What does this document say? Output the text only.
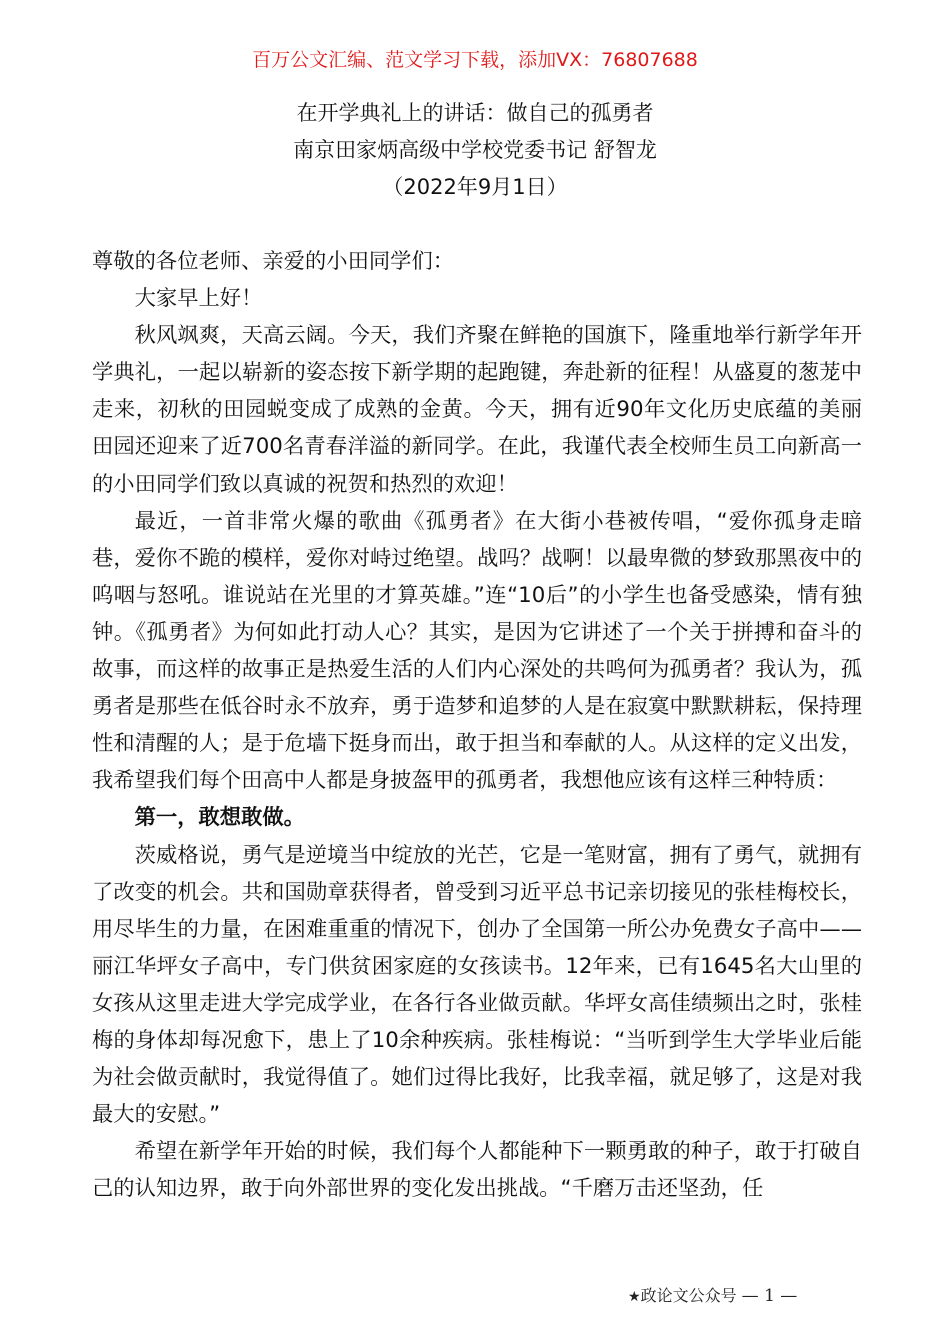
百万公文汇编、范文学习下载，添加VX：76807688
在开学典礼上的讲话：做自己的孤勇者
南京田家炳高级中学校党委书记 舒智龙
（2022年9月1日）

尊敬的各位老师、亲爱的小田同学们：

大家早上好！

秋风飒爽，天高云阔。今天，我们齐聚在鲜艳的国旗下，隆重地举行新学年开学典礼，一起以崭新的姿态按下新学期的起跑键，奔赴新的征程！从盛夏的葱茏中走来，初秋的田园蜕变成了成熟的金黄。今天，拥有近90年文化历史底蕴的美丽田园还迎来了近700名青春洋溢的新同学。在此，我谨代表全校师生员工向新高一的小田同学们致以真诚的祝贺和热烈的欢迎！

最近，一首非常火爆的歌曲《孤勇者》在大街小巷被传唱，“爱你孤身走暗巷，爱你不跪的模样，爱你对峙过绝望。战吗？战啊！以最卑微的梦致那黑夜中的呜咽与怒吼。谁说站在光里的才算英雄。”连“10后”的小学生也备受感染，情有独钟。《孤勇者》为何如此打动人心？其实，是因为它讲述了一个关于拼搏和奋斗的故事，而这样的故事正是热爱生活的人们内心深处的共鸣何为孤勇者？我认为，孤勇者是那些在低谷时永不放弃，勇于造梦和追梦的人是在寂寞中默默耕耘，保持理性和清醒的人；是于危墙下挺身而出，敢于担当和奉献的人。从这样的定义出发，我希望我们每个田高中人都是身披盔甲的孤勇者，我想他应该有这样三种特质：

第一，敢想敢做。

茨威格说，勇气是逆境当中绽放的光芒，它是一笔财富，拥有了勇气，就拥有了改变的机会。共和国勋章获得者，曾受到习近平总书记亲切接见的张桂梅校长，用尽毕生的力量，在困难重重的情况下，创办了全国第一所公办免费女子高中——丽江华坪女子高中，专门供贫困家庭的女孩读书。12年来，已有1645名大山里的女孩从这里走进大学完成学业，在各行各业做贡献。华坪女高佳绩频出之时，张桂梅的身体却每况愈下，患上了10余种疾病。张桂梅说：“当听到学生大学毕业后能为社会做贡献时，我觉得值了。她们过得比我好，比我幸福，就足够了，这是对我最大的安慰。”

希望在新学年开始的时候，我们每个人都能种下一颗勇敢的种子，敢于打破自己的认知边界，敢于向外部世界的变化发出挑战。“千磨万击还坚劲，任

★政论文公众号 — 1 —
